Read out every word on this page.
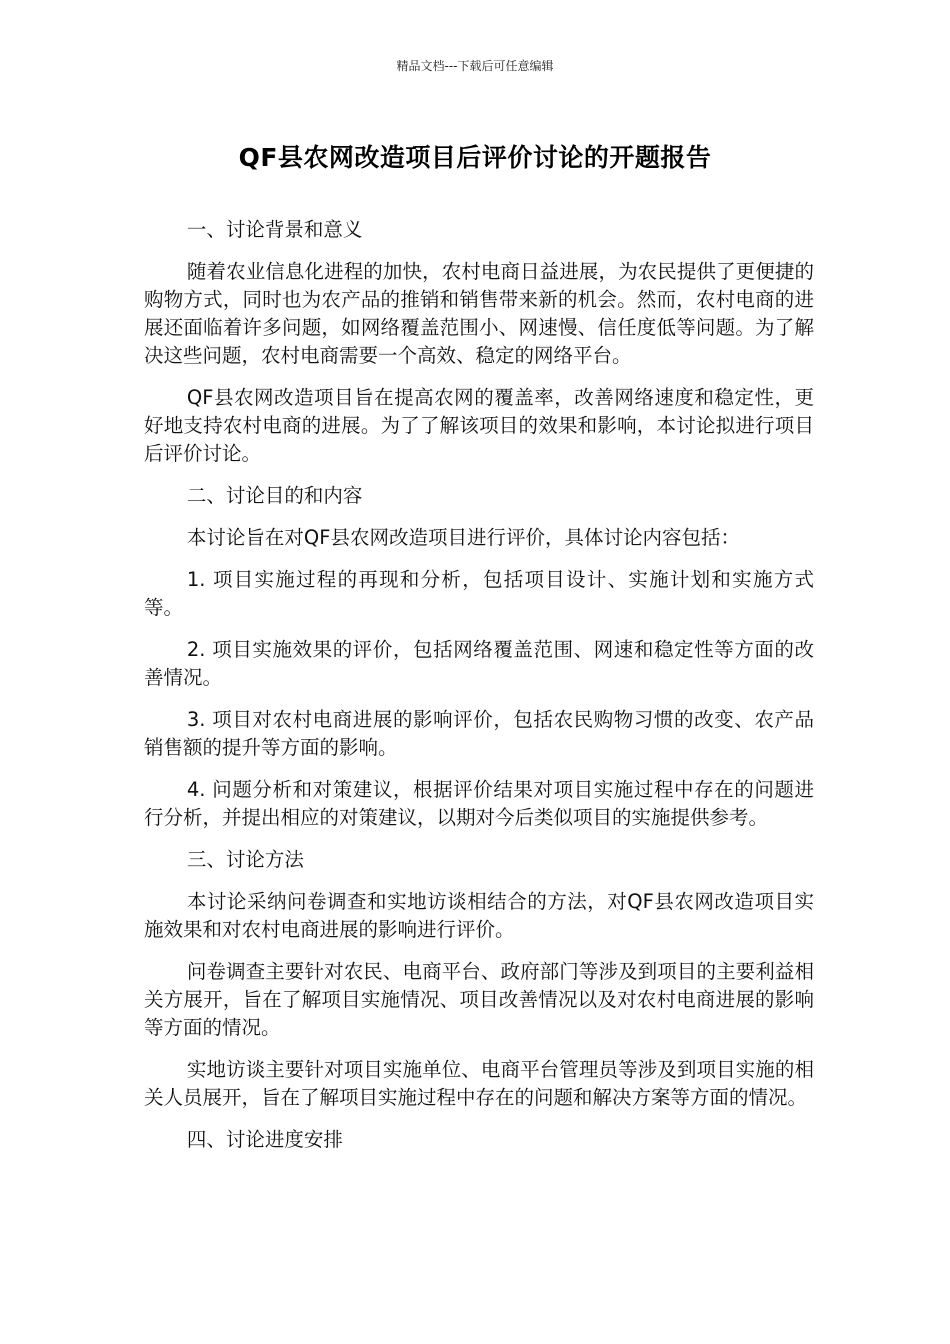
精品文档---下载后可任意编辑
QF县农网改造项目后评价讨论的开题报告
一、讨论背景和意义
随着农业信息化进程的加快，农村电商日益进展，为农民提供了更便捷的购物方式，同时也为农产品的推销和销售带来新的机会。然而，农村电商的进展还面临着许多问题，如网络覆盖范围小、网速慢、信任度低等问题。为了解决这些问题，农村电商需要一个高效、稳定的网络平台。
QF县农网改造项目旨在提高农网的覆盖率，改善网络速度和稳定性，更好地支持农村电商的进展。为了了解该项目的效果和影响，本讨论拟进行项目后评价讨论。
二、讨论目的和内容
本讨论旨在对QF县农网改造项目进行评价，具体讨论内容包括：
1. 项目实施过程的再现和分析，包括项目设计、实施计划和实施方式等。
2. 项目实施效果的评价，包括网络覆盖范围、网速和稳定性等方面的改善情况。
3. 项目对农村电商进展的影响评价，包括农民购物习惯的改变、农产品销售额的提升等方面的影响。
4. 问题分析和对策建议，根据评价结果对项目实施过程中存在的问题进行分析，并提出相应的对策建议，以期对今后类似项目的实施提供参考。
三、讨论方法
本讨论采纳问卷调查和实地访谈相结合的方法，对QF县农网改造项目实施效果和对农村电商进展的影响进行评价。
问卷调查主要针对农民、电商平台、政府部门等涉及到项目的主要利益相关方展开，旨在了解项目实施情况、项目改善情况以及对农村电商进展的影响等方面的情况。
实地访谈主要针对项目实施单位、电商平台管理员等涉及到项目实施的相关人员展开，旨在了解项目实施过程中存在的问题和解决方案等方面的情况。
四、讨论进度安排
